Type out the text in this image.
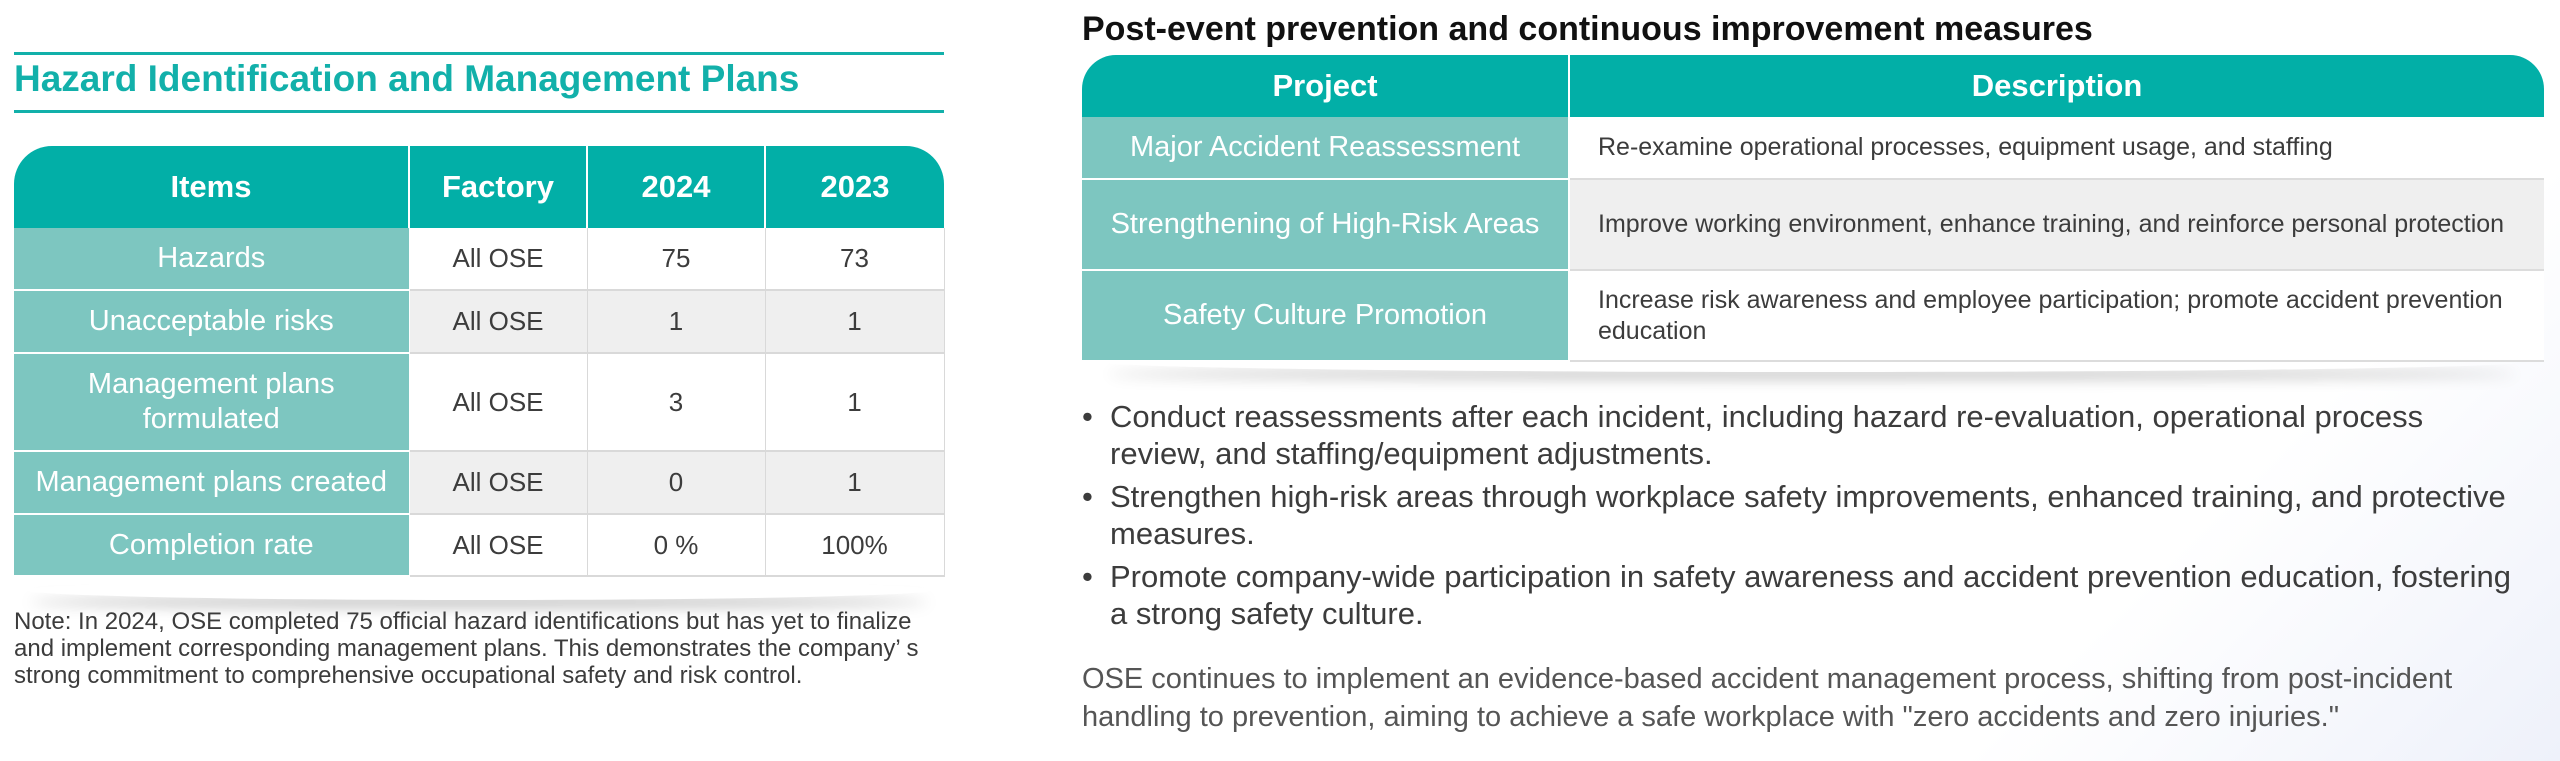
Hazard Identification and Management Plans
Items	Factory	2024	2023
Hazards	All OSE	75	73
Unacceptable risks	All OSE	1	1
Management plans formulated	All OSE	3	1
Management plans created	All OSE	0	1
Completion rate	All OSE	0 %	100%

Note: In 2024, OSE completed 75 official hazard identifications but has yet to finalize and implement corresponding management plans. This demonstrates the company’ s strong commitment to comprehensive occupational safety and risk control.

Post-event prevention and continuous improvement measures
Project	Description
Major Accident Reassessment	Re-examine operational processes, equipment usage, and staffing
Strengthening of High-Risk Areas	Improve working environment, enhance training, and reinforce personal protection
Safety Culture Promotion	Increase risk awareness and employee participation; promote accident prevention education
• Conduct reassessments after each incident, including hazard re-evaluation, operational process review, and staffing/equipment adjustments.
• Strengthen high-risk areas through workplace safety improvements, enhanced training, and protective measures.
• Promote company-wide participation in safety awareness and accident prevention education, fostering a strong safety culture.

OSE continues to implement an evidence-based accident management process, shifting from post-incident handling to prevention, aiming to achieve a safe workplace with "zero accidents and zero injuries."
